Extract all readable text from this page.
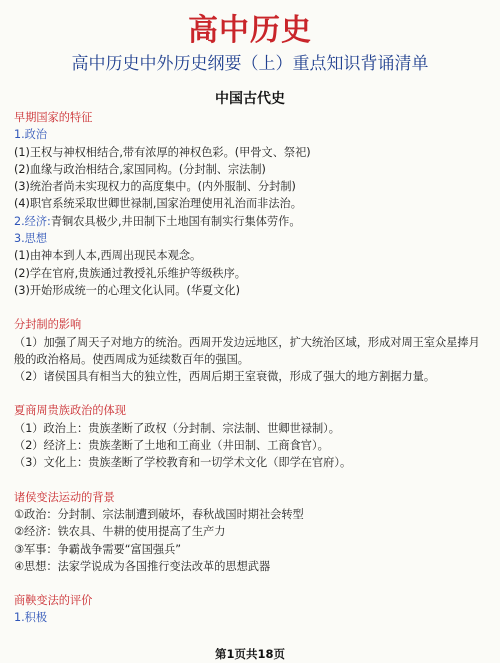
高中历史
高中历史中外历史纲要（上）重点知识背诵清单
中国古代史
早期国家的特征
1.政治
(1)王权与神权相结合,带有浓厚的神权色彩。(甲骨文、祭祀)
(2)血缘与政治相结合,家国同构。(分封制、宗法制)
(3)统治者尚未实现权力的高度集中。(内外服制、分封制)
(4)职官系统采取世卿世禄制,国家治理使用礼治而非法治。
2.经济:青铜农具极少,井田制下土地国有制实行集体劳作。
3.思想
(1)由神本到人本,西周出现民本观念。
(2)学在官府,贵族通过教授礼乐维护等级秩序。
(3)开始形成统一的心理文化认同。(华夏文化)
分封制的影响
（1）加强了周天子对地方的统治。西周开发边远地区，扩大统治区域，形成对周王室众星捧月般的政治格局。使西周成为延续数百年的强国。
（2）诸侯国具有相当大的独立性，西周后期王室衰微，形成了强大的地方割据力量。
夏商周贵族政治的体现
（1）政治上：贵族垄断了政权（分封制、宗法制、世卿世禄制）。
（2）经济上：贵族垄断了土地和工商业（井田制、工商食官）。
（3）文化上：贵族垄断了学校教育和一切学术文化（即学在官府）。
诸侯变法运动的背景
①政治：分封制、宗法制遭到破坏，春秋战国时期社会转型
②经济：铁农具、牛耕的使用提高了生产力
③军事：争霸战争需要“富国强兵”
④思想：法家学说成为各国推行变法改革的思想武器
商鞅变法的评价
1.积极
第1页共18页
